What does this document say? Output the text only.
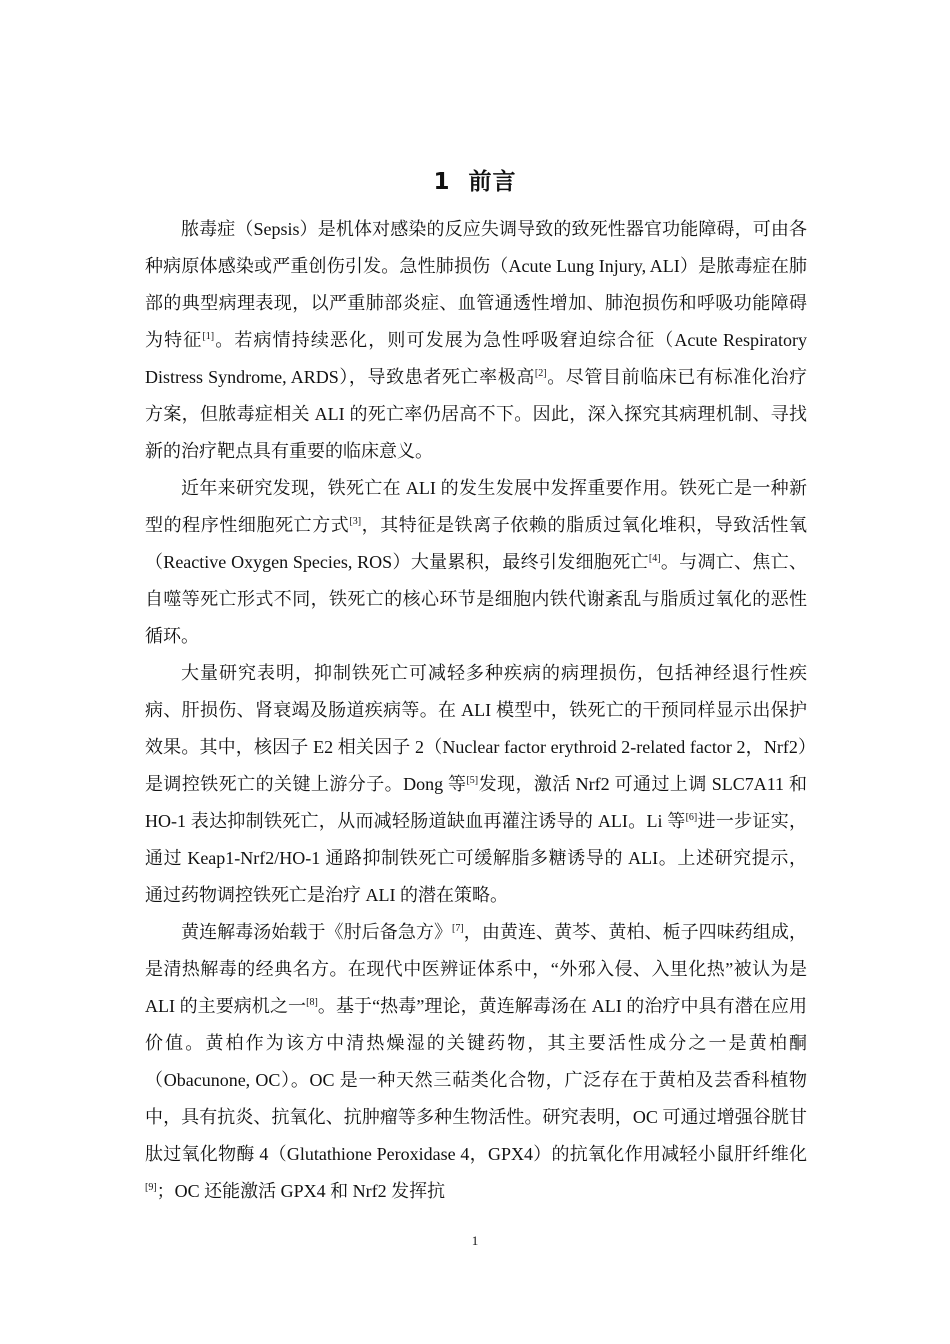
1 前言

脓毒症（Sepsis）是机体对感染的反应失调导致的致死性器官功能障碍，可由各种病原体感染或严重创伤引发。急性肺损伤（Acute Lung Injury, ALI）是脓毒症在肺部的典型病理表现，以严重肺部炎症、血管通透性增加、肺泡损伤和呼吸功能障碍为特征[1]。若病情持续恶化，则可发展为急性呼吸窘迫综合征（Acute Respiratory Distress Syndrome, ARDS），导致患者死亡率极高[2]。尽管目前临床已有标准化治疗方案，但脓毒症相关 ALI 的死亡率仍居高不下。因此，深入探究其病理机制、寻找新的治疗靶点具有重要的临床意义。

近年来研究发现，铁死亡在 ALI 的发生发展中发挥重要作用。铁死亡是一种新型的程序性细胞死亡方式[3]，其特征是铁离子依赖的脂质过氧化堆积，导致活性氧（Reactive Oxygen Species, ROS）大量累积，最终引发细胞死亡[4]。与凋亡、焦亡、自噬等死亡形式不同，铁死亡的核心环节是细胞内铁代谢紊乱与脂质过氧化的恶性循环。

大量研究表明，抑制铁死亡可减轻多种疾病的病理损伤，包括神经退行性疾病、肝损伤、肾衰竭及肠道疾病等。在 ALI 模型中，铁死亡的干预同样显示出保护效果。其中，核因子 E2 相关因子 2（Nuclear factor erythroid 2-related factor 2，Nrf2）是调控铁死亡的关键上游分子。Dong 等[5]发现，激活 Nrf2 可通过上调 SLC7A11 和 HO-1 表达抑制铁死亡，从而减轻肠道缺血再灌注诱导的 ALI。Li 等[6]进一步证实，通过 Keap1-Nrf2/HO-1 通路抑制铁死亡可缓解脂多糖诱导的 ALI。上述研究提示，通过药物调控铁死亡是治疗 ALI 的潜在策略。

黄连解毒汤始载于《肘后备急方》[7]，由黄连、黄芩、黄柏、栀子四味药组成，是清热解毒的经典名方。在现代中医辨证体系中，“外邪入侵、入里化热”被认为是 ALI 的主要病机之一[8]。基于“热毒”理论，黄连解毒汤在 ALI 的治疗中具有潜在应用价值。黄柏作为该方中清热燥湿的关键药物，其主要活性成分之一是黄柏酮（Obacunone, OC）。OC 是一种天然三萜类化合物，广泛存在于黄柏及芸香科植物中，具有抗炎、抗氧化、抗肿瘤等多种生物活性。研究表明，OC 可通过增强谷胱甘肽过氧化物酶 4（Glutathione Peroxidase 4，GPX4）的抗氧化作用减轻小鼠肝纤维化[9]；OC 还能激活 GPX4 和 Nrf2 发挥抗

1
